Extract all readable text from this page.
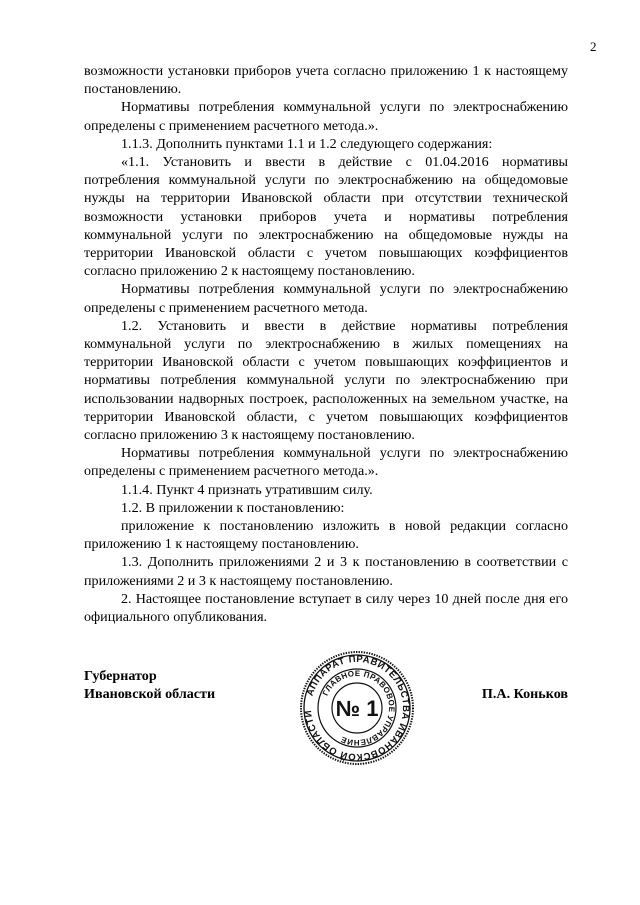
2

возможности установки приборов учета согласно приложению 1 к настоящему постановлению.

Нормативы потребления коммунальной услуги по электроснабжению определены с применением расчетного метода.».

1.1.3. Дополнить пунктами 1.1 и 1.2 следующего содержания:

«1.1. Установить и ввести в действие с 01.04.2016 нормативы потребления коммунальной услуги по электроснабжению на общедомовые нужды на территории Ивановской области при отсутствии технической возможности установки приборов учета и нормативы потребления коммунальной услуги по электроснабжению на общедомовые нужды на территории Ивановской области с учетом повышающих коэффициентов согласно приложению 2 к настоящему постановлению.

Нормативы потребления коммунальной услуги по электроснабжению определены с применением расчетного метода.

1.2. Установить и ввести в действие нормативы потребления коммунальной услуги по электроснабжению в жилых помещениях на территории Ивановской области с учетом повышающих коэффициентов и нормативы потребления коммунальной услуги по электроснабжению при использовании надворных построек, расположенных на земельном участке, на территории Ивановской области, с учетом повышающих коэффициентов согласно приложению 3 к настоящему постановлению.

Нормативы потребления коммунальной услуги по электроснабжению определены с применением расчетного метода.».

1.1.4. Пункт 4 признать утратившим силу.

1.2. В приложении к постановлению:

приложение к постановлению изложить в новой редакции согласно приложению 1 к настоящему постановлению.

1.3. Дополнить приложениями 2 и 3 к постановлению в соответствии с приложениями 2 и 3 к настоящему постановлению.

2. Настоящее постановление вступает в силу через 10 дней после дня его официального опубликования.

Губернатор
Ивановской области	П.А. Коньков
АППАРАТ ПРАВИТЕЛЬСТВА ИВАНОВСКОЙ ОБЛАСТИ
ГЛАВНОЕ ПРАВОВОЕ УПРАВЛЕНИЕ
№ 1
